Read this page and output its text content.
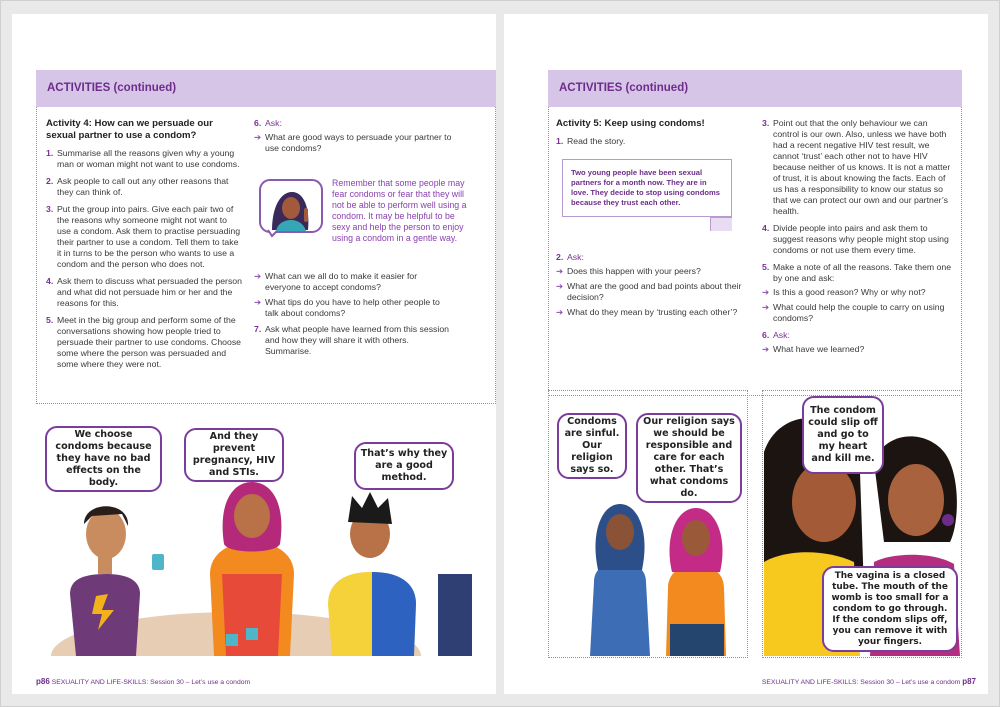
ACTIVITIES (continued)
Activity 4: How can we persuade our sexual partner to use a condom?
1. Summarise all the reasons given why a young man or woman might not want to use condoms.
2. Ask people to call out any other reasons that they can think of.
3. Put the group into pairs. Give each pair two of the reasons why someone might not want to use a condom. Ask them to practise persuading their partner to use a condom. Tell them to take it in turns to be the person who wants to use a condom and the person who does not.
4. Ask them to discuss what persuaded the person and what did not persuade him or her and the reasons for this.
5. Meet in the big group and perform some of the conversations showing how people tried to persuade their partner to use condoms. Choose some where the person was persuaded and some where they were not.
6. Ask:
➔ What are good ways to persuade your partner to use condoms?
Remember that some people may fear condoms or fear that they will not be able to perform well using a condom. It may be helpful to be sexy and help the person to enjoy using a condom in a gentle way.
➔ What can we all do to make it easier for everyone to accept condoms?
➔ What tips do you have to help other people to talk about condoms?
7. Ask what people have learned from this session and how they will share it with others. Summarise.
We choose condoms because they have no bad effects on the body.
And they prevent pregnancy, HIV and STIs.
That’s why they are a good method.
p86 SEXUALITY AND LIFE-SKILLS: Session 30 – Let’s use a condom
ACTIVITIES (continued)
Activity 5: Keep using condoms!
1. Read the story.
Two young people have been sexual partners for a month now. They are in love. They decide to stop using condoms because they trust each other.
2. Ask:
➔ Does this happen with your peers?
➔ What are the good and bad points about their decision?
➔ What do they mean by ‘trusting each other’?
3. Point out that the only behaviour we can control is our own. Also, unless we have both had a recent negative HIV test result, we cannot ‘trust’ each other not to have HIV because neither of us knows. It is not a matter of trust, it is about knowing the facts. Each of us has a responsibility to know our status so that we can protect our own and our partner’s health.
4. Divide people into pairs and ask them to suggest reasons why people might stop using condoms or not use them every time.
5. Make a note of all the reasons. Take them one by one and ask:
➔ Is this a good reason? Why or why not?
➔ What could help the couple to carry on using condoms?
6. Ask:
➔ What have we learned?
Condoms are sinful. Our religion says so.
Our religion says we should be responsible and care for each other. That’s what condoms do.
The condom could slip off and go to my heart and kill me.
The vagina is a closed tube. The mouth of the womb is too small for a condom to go through. If the condom slips off, you can remove it with your fingers.
SEXUALITY AND LIFE-SKILLS: Session 30 – Let’s use a condom p87
